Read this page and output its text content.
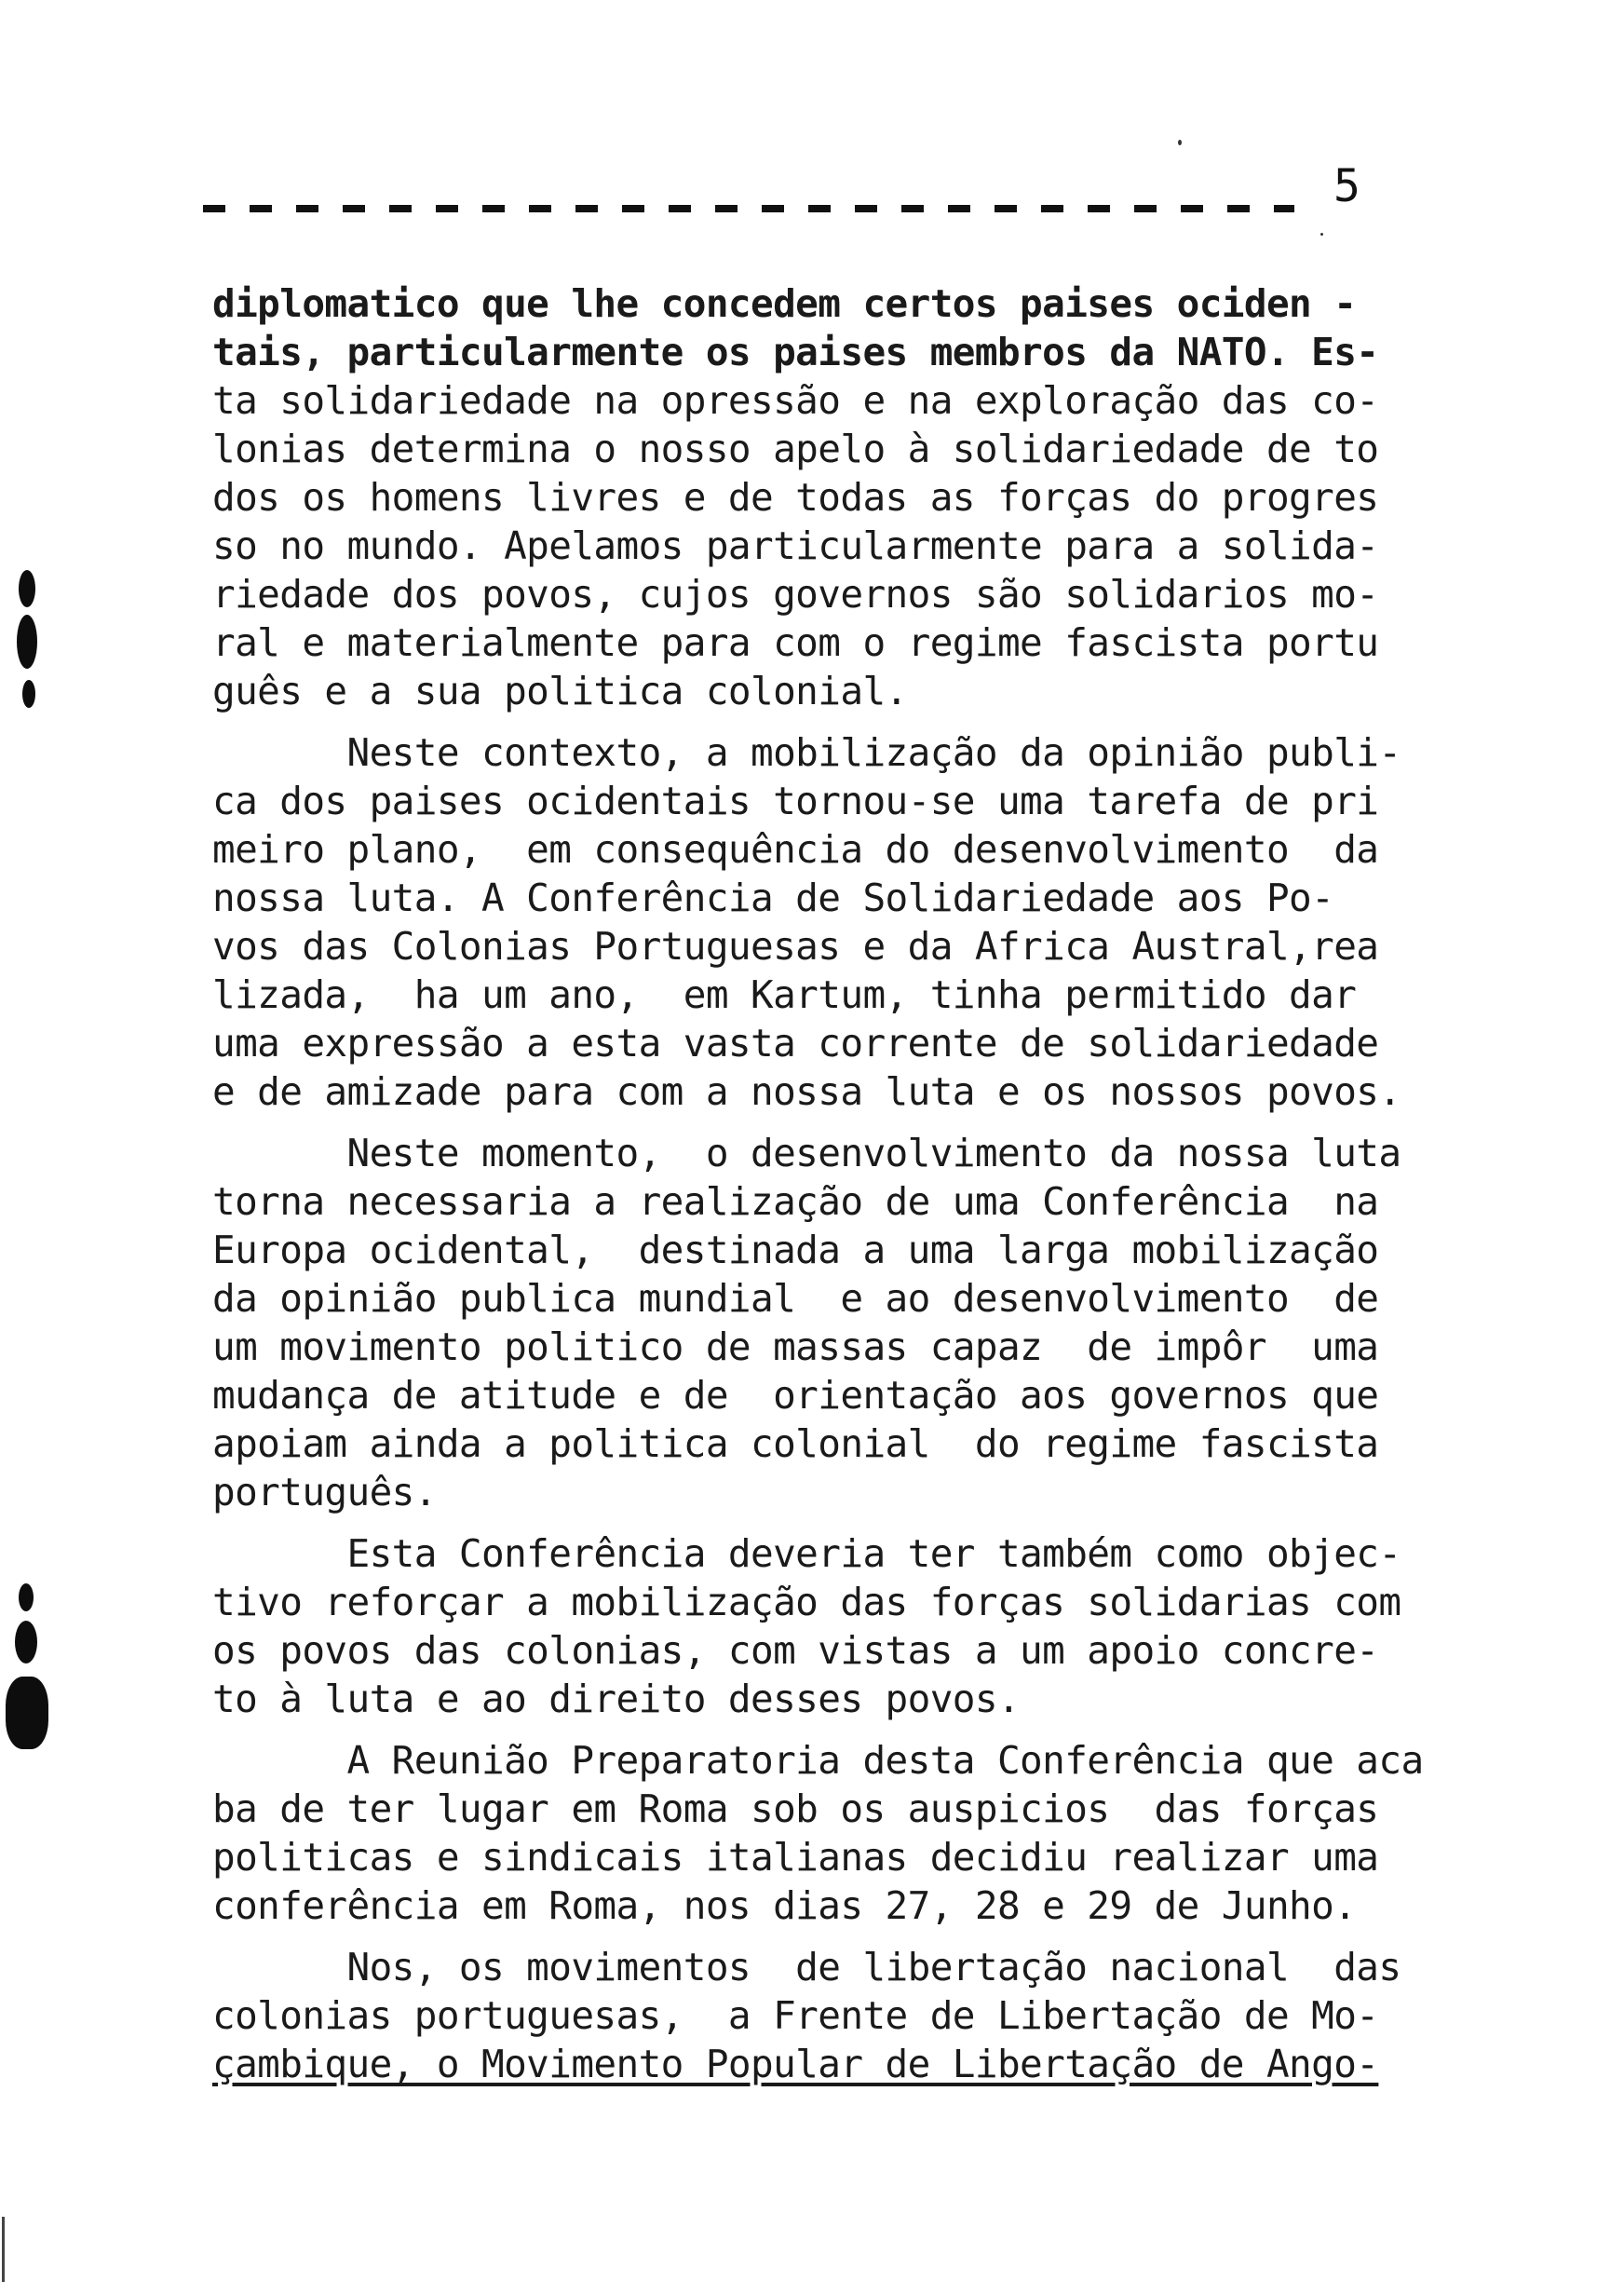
5
diplomatico que lhe concedem certos paises ociden -
tais, particularmente os paises membros da NATO. Es-
ta solidariedade na opressão e na exploração das co-
lonias determina o nosso apelo à solidariedade de to
dos os homens livres e de todas as forças do progres
so no mundo. Apelamos particularmente para a solida-
riedade dos povos, cujos governos são solidarios mo-
ral e materialmente para com o regime fascista portu
guês e a sua politica colonial.
Neste contexto, a mobilização da opinião publi-
ca dos paises ocidentais tornou-se uma tarefa de pri
meiro plano,  em consequência do desenvolvimento  da
nossa luta. A Conferência de Solidariedade aos Po-
vos das Colonias Portuguesas e da Africa Austral,rea
lizada,  ha um ano,  em Kartum, tinha permitido dar
uma expressão a esta vasta corrente de solidariedade
e de amizade para com a nossa luta e os nossos povos.
Neste momento,  o desenvolvimento da nossa luta
torna necessaria a realização de uma Conferência  na
Europa ocidental,  destinada a uma larga mobilização
da opinião publica mundial  e ao desenvolvimento  de
um movimento politico de massas capaz  de impôr  uma
mudança de atitude e de  orientação aos governos que
apoiam ainda a politica colonial  do regime fascista
português.
Esta Conferência deveria ter também como objec-
tivo reforçar a mobilização das forças solidarias com
os povos das colonias, com vistas a um apoio concre-
to à luta e ao direito desses povos.
A Reunião Preparatoria desta Conferência que aca
ba de ter lugar em Roma sob os auspicios  das forças
politicas e sindicais italianas decidiu realizar uma
conferência em Roma, nos dias 27, 28 e 29 de Junho.
Nos, os movimentos  de libertação nacional  das
colonias portuguesas,  a Frente de Libertação de Mo-
çambique, o Movimento Popular de Libertação de Ango-
